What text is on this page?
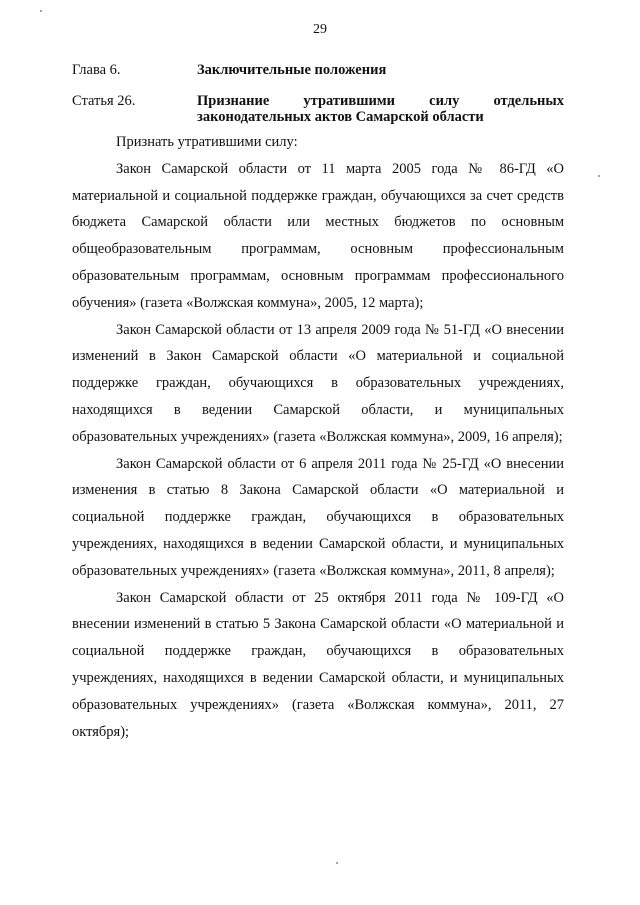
29
Глава 6.	Заключительные положения
Статья 26.	Признание утратившими силу отдельных
законодательных актов Самарской области

Признать утратившими силу:

Закон Самарской области от 11 марта 2005 года № 86-ГД «О материальной и социальной поддержке граждан, обучающихся за счет средств бюджета Самарской области или местных бюджетов по основным общеобразовательным программам, основным профессиональным образовательным программам, основным программам профессионального обучения» (газета «Волжская коммуна», 2005, 12 марта);

Закон Самарской области от 13 апреля 2009 года № 51-ГД «О внесении изменений в Закон Самарской области «О материальной и социальной поддержке граждан, обучающихся в образовательных учреждениях, находящихся в ведении Самарской области, и муниципальных образовательных учреждениях» (газета «Волжская коммуна», 2009, 16 апреля);

Закон Самарской области от 6 апреля 2011 года № 25-ГД «О внесении изменения в статью 8 Закона Самарской области «О материальной и социальной поддержке граждан, обучающихся в образовательных учреждениях, находящихся в ведении Самарской области, и муниципальных образовательных учреждениях» (газета «Волжская коммуна», 2011, 8 апреля);

Закон Самарской области от 25 октября 2011 года № 109-ГД «О внесении изменений в статью 5 Закона Самарской области «О материальной и социальной поддержке граждан, обучающихся в образовательных учреждениях, находящихся в ведении Самарской области, и муниципальных образовательных учреждениях» (газета «Волжская коммуна», 2011, 27 октября);
